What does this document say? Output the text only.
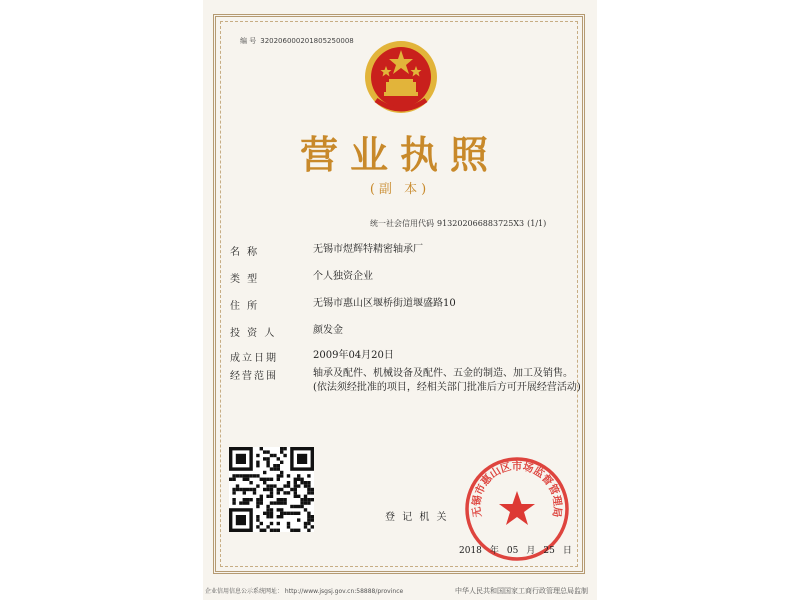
编 号 320206000201805250008
营业执照
(副 本)
统一社会信用代码 913202066883725X3 (1/1)
名 称	无锡市煜辉特精密轴承厂
类 型	个人独资企业
住 所	无锡市惠山区堰桥街道堰盛路10
投 资 人	颜发金
成立日期	2009年04月20日
经营范围	轴承及配件、机械设备及配件、五金的制造、加工及销售。(依法须经批准的项目，经相关部门批准后方可开展经营活动)
登 记 机 关 无锡市惠山区市场监督管理局
2018 年 05 月 25 日
企业信用信息公示系统网址： http://www.jsgsj.gov.cn:58888/province	中华人民共和国国家工商行政管理总局监制
